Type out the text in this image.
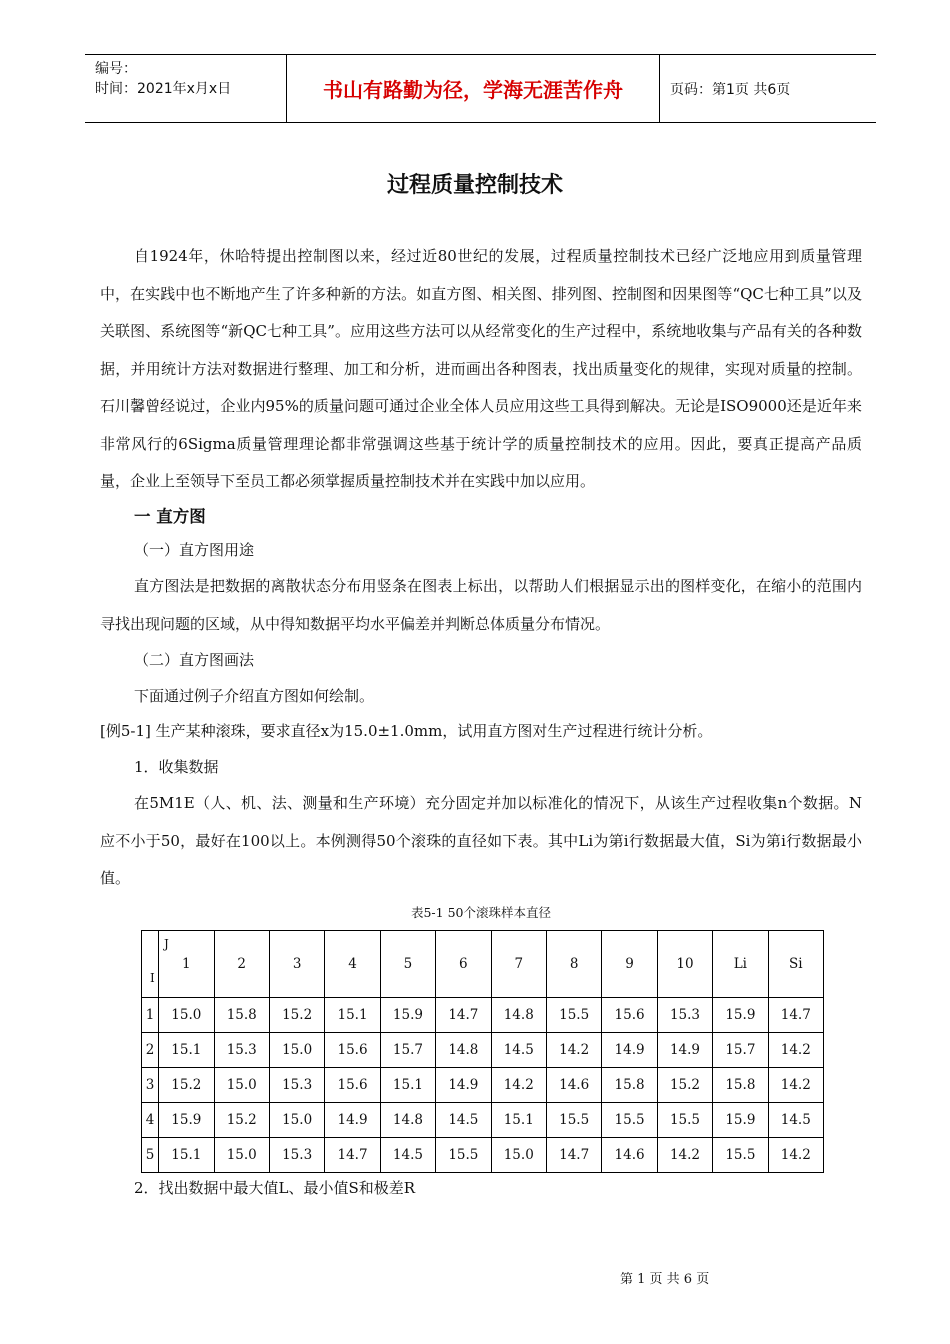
编号：
时间：2021年x月x日	书山有路勤为径，学海无涯苦作舟	页码：第1页 共6页
过程质量控制技术

自1924年，休哈特提出控制图以来，经过近80世纪的发展，过程质量控制技术已经广泛地应用到质量管理中，在实践中也不断地产生了许多种新的方法。如直方图、相关图、排列图、控制图和因果图等“QC七种工具”以及关联图、系统图等“新QC七种工具”。应用这些方法可以从经常变化的生产过程中，系统地收集与产品有关的各种数据，并用统计方法对数据进行整理、加工和分析，进而画出各种图表，找出质量变化的规律，实现对质量的控制。石川馨曾经说过，企业内95%的质量问题可通过企业全体人员应用这些工具得到解决。无论是ISO9000还是近年来非常风行的6Sigma质量管理理论都非常强调这些基于统计学的质量控制技术的应用。因此，要真正提高产品质量，企业上至领导下至员工都必须掌握质量控制技术并在实践中加以应用。

一 直方图

（一）直方图用途

直方图法是把数据的离散状态分布用竖条在图表上标出，以帮助人们根据显示出的图样变化，在缩小的范围内寻找出现问题的区域，从中得知数据平均水平偏差并判断总体质量分布情况。

（二）直方图画法

下面通过例子介绍直方图如何绘制。

[例5-1] 生产某种滚珠，要求直径x为15.0±1.0mm，试用直方图对生产过程进行统计分析。

1．收集数据

在5M1E（人、机、法、测量和生产环境）充分固定并加以标准化的情况下，从该生产过程收集n个数据。N应不小于50，最好在100以上。本例测得50个滚珠的直径如下表。其中Li为第i行数据最大值，Si为第i行数据最小值。

表5-1 50个滚珠样本直径

J
I	1	2	3	4	5	6	7	8	9	10	Li	Si
1	15.0	15.8	15.2	15.1	15.9	14.7	14.8	15.5	15.6	15.3	15.9	14.7
2	15.1	15.3	15.0	15.6	15.7	14.8	14.5	14.2	14.9	14.9	15.7	14.2
3	15.2	15.0	15.3	15.6	15.1	14.9	14.2	14.6	15.8	15.2	15.8	14.2
4	15.9	15.2	15.0	14.9	14.8	14.5	15.1	15.5	15.5	15.5	15.9	14.5
5	15.1	15.0	15.3	14.7	14.5	15.5	15.0	14.7	14.6	14.2	15.5	14.2

2．找出数据中最大值L、最小值S和极差R

第 1 页 共 6 页
